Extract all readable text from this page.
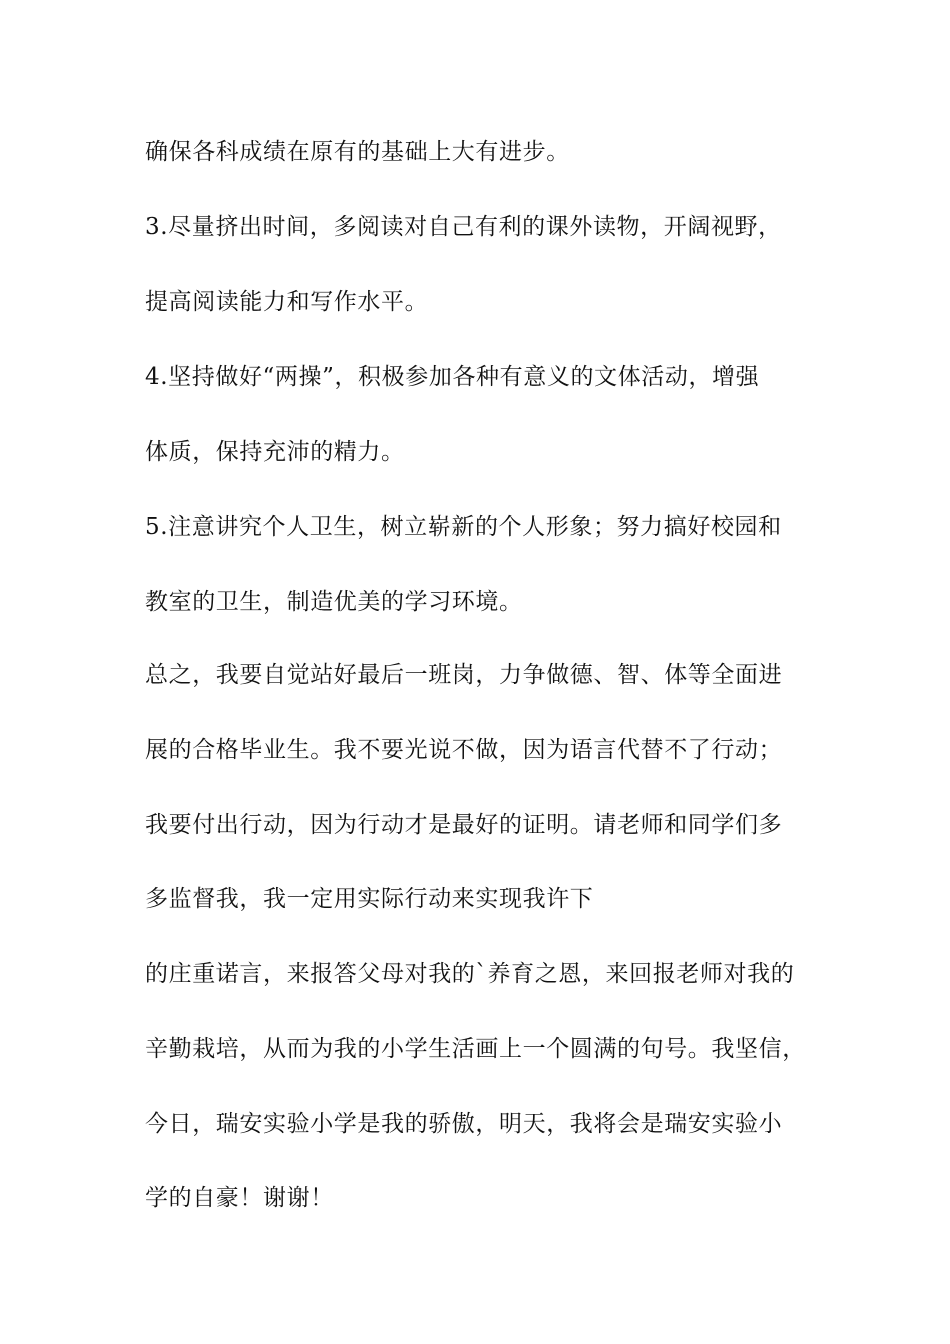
确保各科成绩在原有的基础上大有进步。
3.尽量挤出时间，多阅读对自己有利的课外读物，开阔视野，
提高阅读能力和写作水平。
4.坚持做好“两操”，积极参加各种有意义的文体活动，增强
体质，保持充沛的精力。
5.注意讲究个人卫生，树立崭新的个人形象；努力搞好校园和
教室的卫生，制造优美的学习环境。
总之，我要自觉站好最后一班岗，力争做德、智、体等全面进
展的合格毕业生。我不要光说不做，因为语言代替不了行动；
我要付出行动，因为行动才是最好的证明。请老师和同学们多
多监督我，我一定用实际行动来实现我许下
的庄重诺言，来报答父母对我的`养育之恩，来回报老师对我的
辛勤栽培，从而为我的小学生活画上一个圆满的句号。我坚信，
今日，瑞安实验小学是我的骄傲，明天，我将会是瑞安实验小
学的自豪！谢谢！
